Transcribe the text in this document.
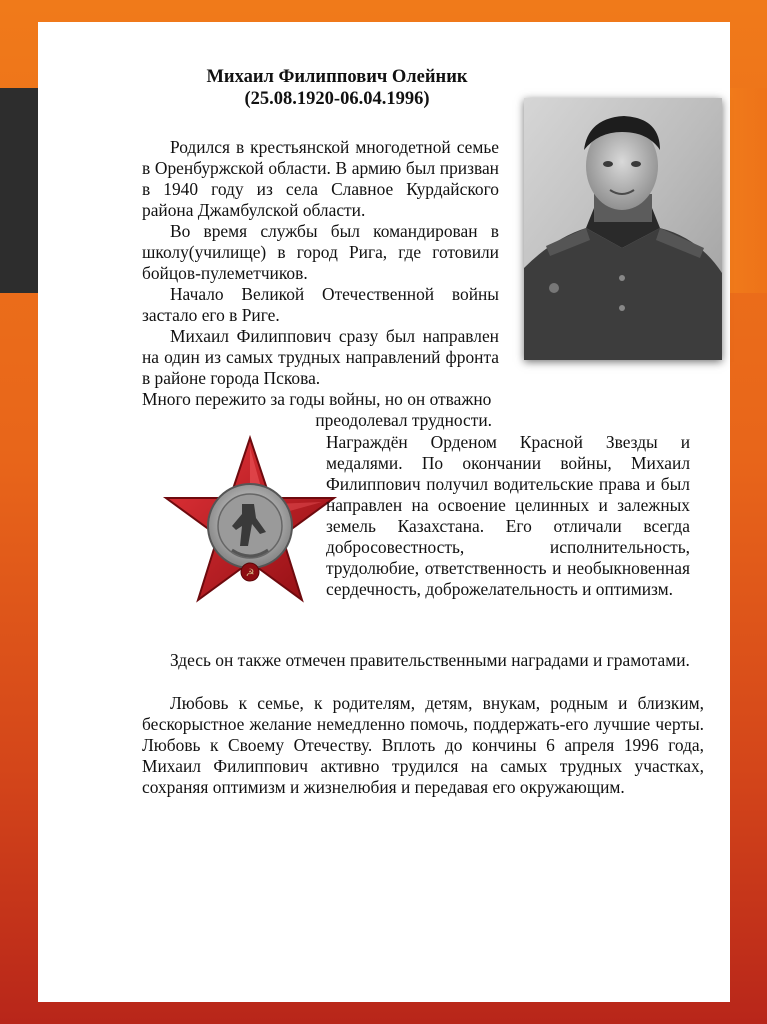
Михаил Филиппович Олейник
(25.08.1920-06.04.1996)
Родился в крестьянской многодетной семье в Оренбуржской области. В армию был призван в 1940 году из села Славное Курдайского района Джамбулской области.
Во время службы был командирован в школу(училище) в город Рига, где готовили бойцов-пулеметчиков.
Начало Великой Отечественной войны застало его в Риге.
Михаил Филиппович сразу был направлен на один из самых трудных направлений фронта в районе города Пскова.
Много пережито за годы войны, но он отважно
преодолевал трудности.
☭
Награждён Орденом Красной Звезды и медалями. По окончании войны, Михаил Филиппович получил водительские права и был направлен на освоение целинных и залежных земель Казахстана. Его отличали всегда добросовестность, исполнительность, трудолюбие, ответственность и необыкновенная сердечность, доброжелательность и оптимизм.
Здесь он также отмечен правительственными наградами и грамотами.
Любовь к семье, к родителям, детям, внукам, родным и близким, бескорыстное желание немедленно помочь, поддержать-его лучшие черты. Любовь к Своему Отечеству. Вплоть до кончины 6 апреля 1996 года, Михаил Филиппович активно трудился на самых трудных участках, сохраняя оптимизм и жизнелюбия и передавая его окружающим.
